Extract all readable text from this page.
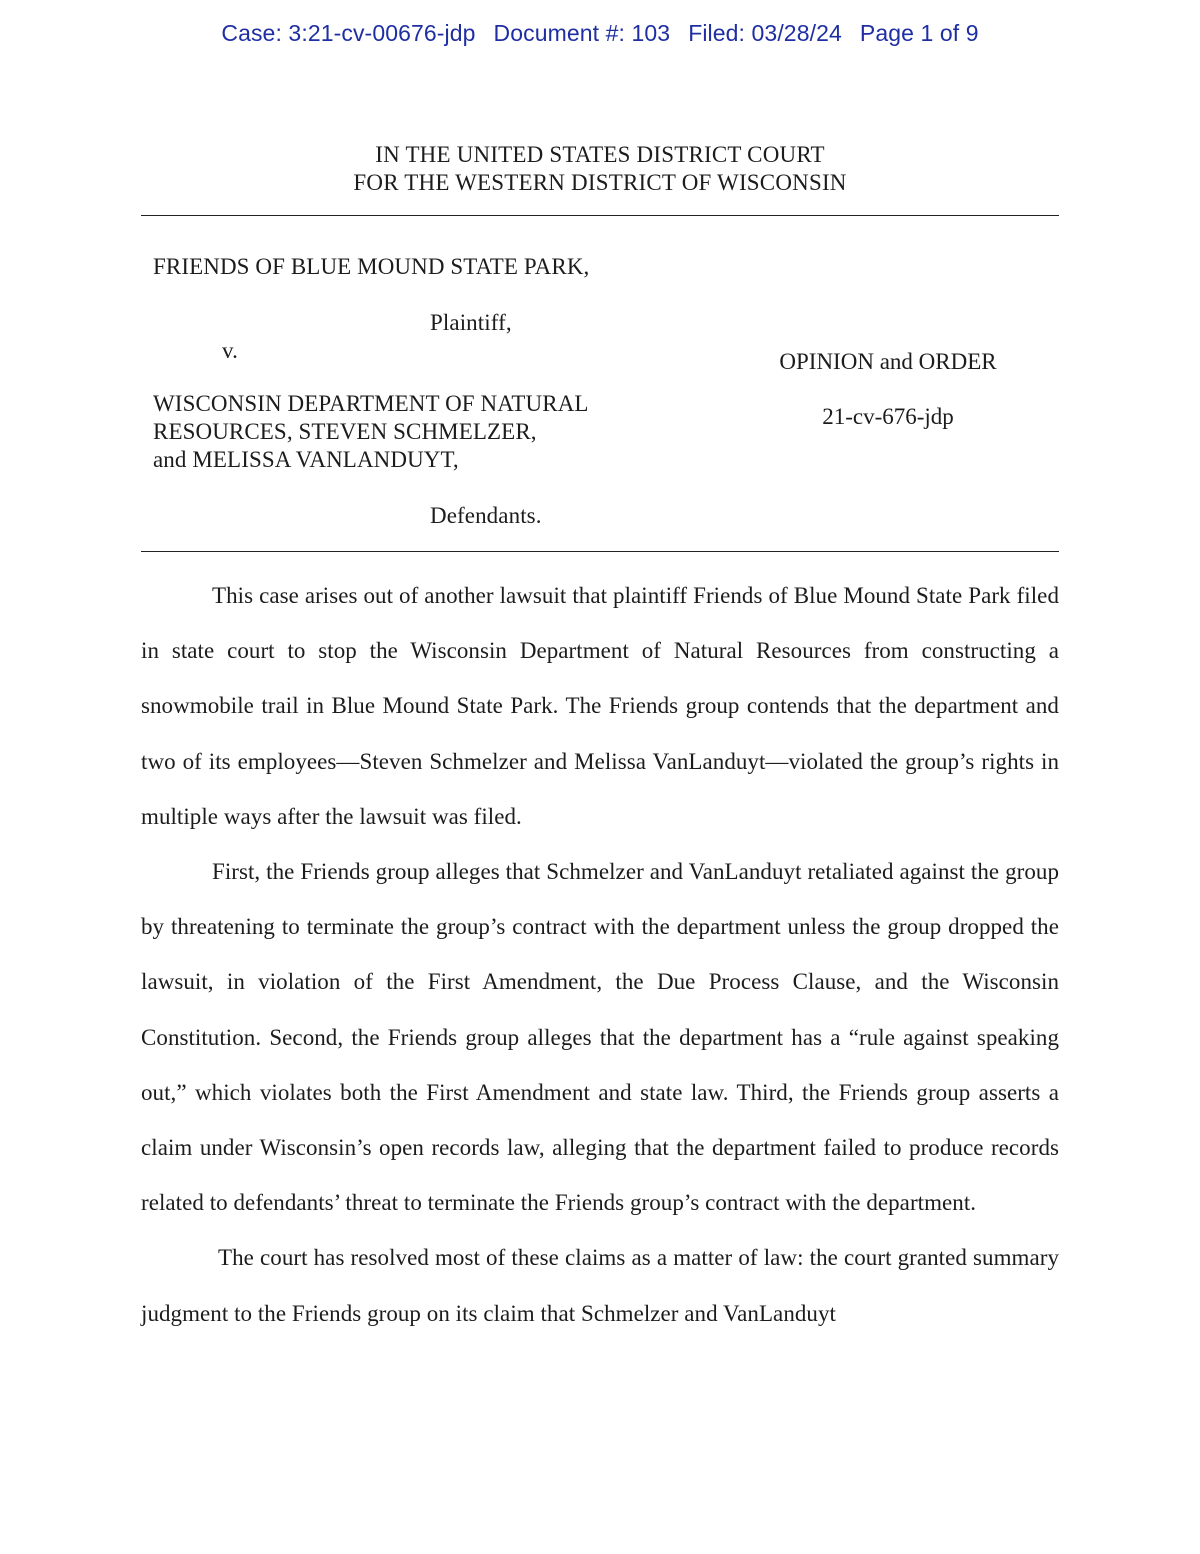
Case: 3:21-cv-00676-jdp Document #: 103 Filed: 03/28/24 Page 1 of 9
IN THE UNITED STATES DISTRICT COURT
FOR THE WESTERN DISTRICT OF WISCONSIN
FRIENDS OF BLUE MOUND STATE PARK,
Plaintiff,
v.
WISCONSIN DEPARTMENT OF NATURAL
RESOURCES, STEVEN SCHMELZER,
and MELISSA VANLANDUYT,
Defendants.
OPINION and ORDER
21-cv-676-jdp

This case arises out of another lawsuit that plaintiff Friends of Blue Mound State Park filed in state court to stop the Wisconsin Department of Natural Resources from constructing a snowmobile trail in Blue Mound State Park. The Friends group contends that the department and two of its employees—Steven Schmelzer and Melissa VanLanduyt—violated the group’s rights in multiple ways after the lawsuit was filed.

First, the Friends group alleges that Schmelzer and VanLanduyt retaliated against the group by threatening to terminate the group’s contract with the department unless the group dropped the lawsuit, in violation of the First Amendment, the Due Process Clause, and the Wisconsin Constitution. Second, the Friends group alleges that the department has a “rule against speaking out,” which violates both the First Amendment and state law. Third, the Friends group asserts a claim under Wisconsin’s open records law, alleging that the department failed to produce records related to defendants’ threat to terminate the Friends group’s contract with the department.

The court has resolved most of these claims as a matter of law: the court granted summary judgment to the Friends group on its claim that Schmelzer and VanLanduyt
